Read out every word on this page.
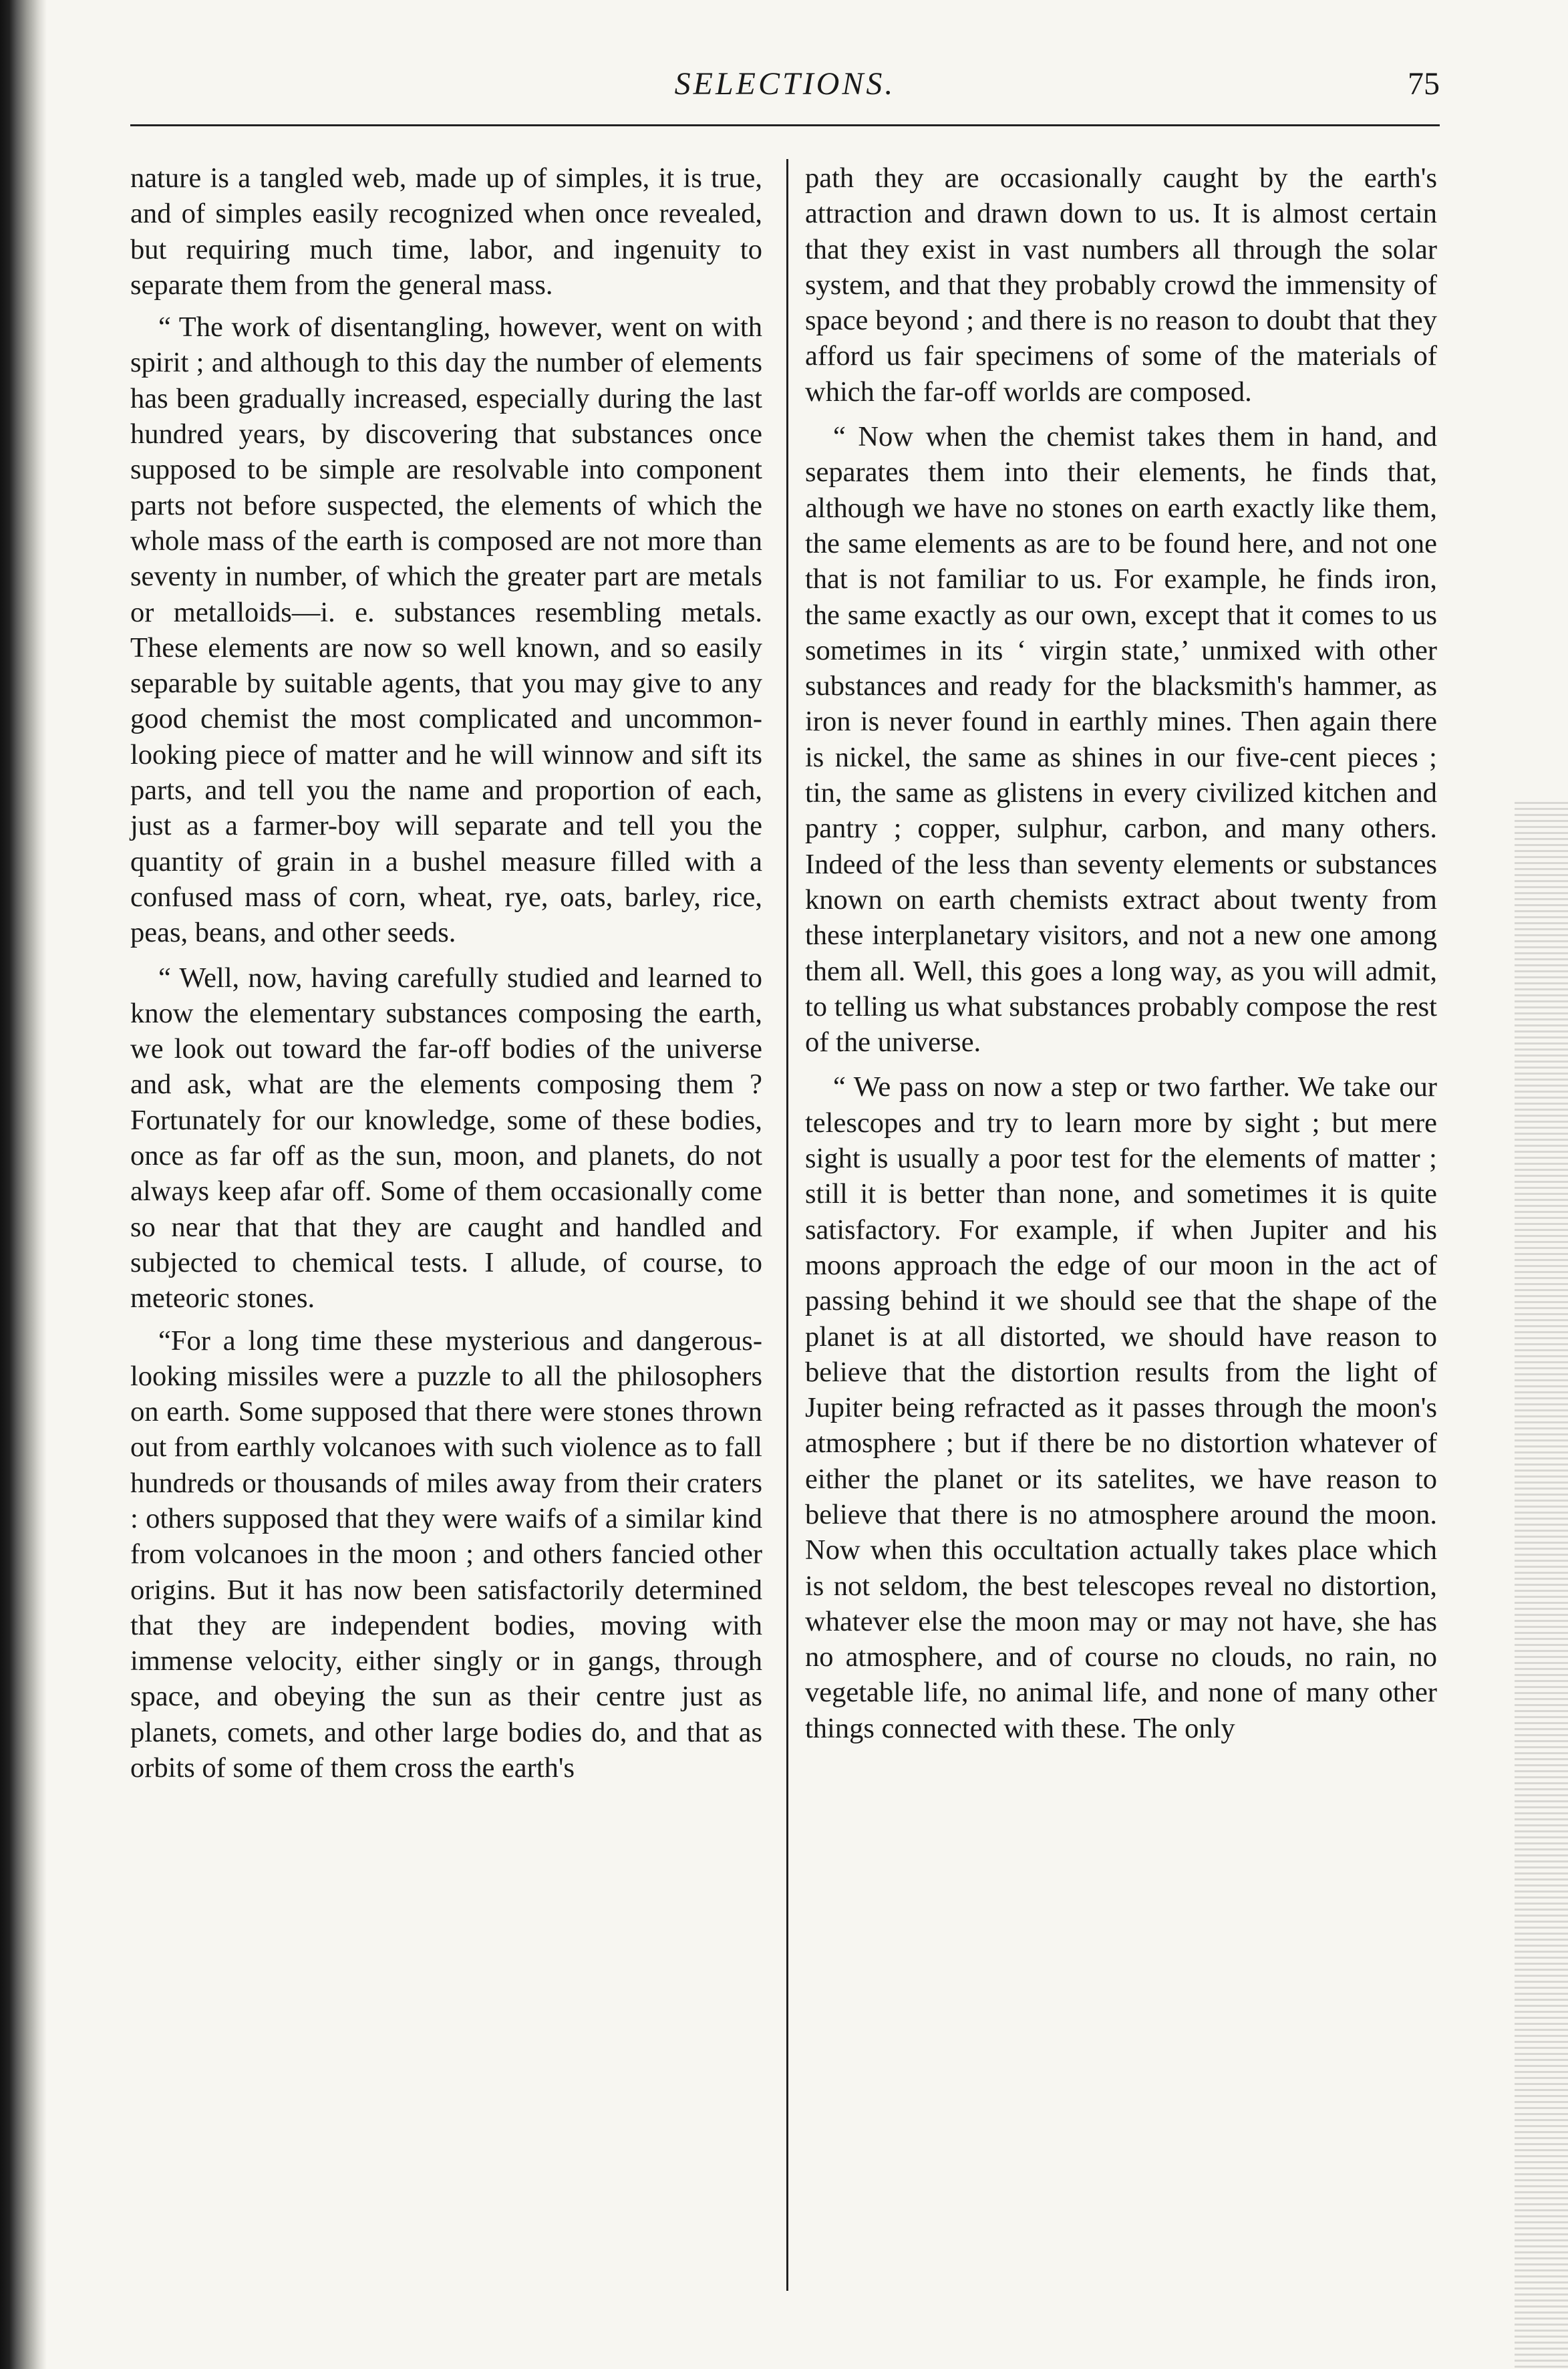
SELECTIONS.	75

nature is a tangled web, made up of simples, it is true, and of simples easily recognized when once revealed, but requiring much time, labor, and ingenuity to separate them from the general mass.

“ The work of disentangling, however, went on with spirit ; and although to this day the number of elements has been gradually increased, especially during the last hundred years, by discovering that substances once supposed to be simple are resolvable into component parts not before suspected, the elements of which the whole mass of the earth is composed are not more than seventy in number, of which the greater part are metals or metalloids—i. e. substances resembling metals. These elements are now so well known, and so easily separable by suitable agents, that you may give to any good chemist the most complicated and uncommon-looking piece of matter and he will winnow and sift its parts, and tell you the name and proportion of each, just as a farmer-boy will separate and tell you the quantity of grain in a bushel measure filled with a confused mass of corn, wheat, rye, oats, barley, rice, peas, beans, and other seeds.

“ Well, now, having carefully studied and learned to know the elementary substances composing the earth, we look out toward the far-off bodies of the universe and ask, what are the elements composing them ? Fortunately for our knowledge, some of these bodies, once as far off as the sun, moon, and planets, do not always keep afar off. Some of them occasionally come so near that that they are caught and handled and subjected to chemical tests. I allude, of course, to meteoric stones.

“For a long time these mysterious and dangerous-looking missiles were a puzzle to all the philosophers on earth. Some supposed that there were stones thrown out from earthly volcanoes with such violence as to fall hundreds or thousands of miles away from their craters : others supposed that they were waifs of a similar kind from volcanoes in the moon ; and others fancied other origins. But it has now been satisfactorily determined that they are independent bodies, moving with immense velocity, either singly or in gangs, through space, and obeying the sun as their centre just as planets, comets, and other large bodies do, and that as orbits of some of them cross the earth's

path they are occasionally caught by the earth's attraction and drawn down to us. It is almost certain that they exist in vast numbers all through the solar system, and that they probably crowd the immensity of space beyond ; and there is no reason to doubt that they afford us fair specimens of some of the materials of which the far-off worlds are composed.

“ Now when the chemist takes them in hand, and separates them into their elements, he finds that, although we have no stones on earth exactly like them, the same elements as are to be found here, and not one that is not familiar to us. For example, he finds iron, the same exactly as our own, except that it comes to us sometimes in its ‘ virgin state,’ unmixed with other substances and ready for the blacksmith's hammer, as iron is never found in earthly mines. Then again there is nickel, the same as shines in our five-cent pieces ; tin, the same as glistens in every civilized kitchen and pantry ; copper, sulphur, carbon, and many others. Indeed of the less than seventy elements or substances known on earth chemists extract about twenty from these interplanetary visitors, and not a new one among them all. Well, this goes a long way, as you will admit, to telling us what substances probably compose the rest of the universe.

“ We pass on now a step or two farther. We take our telescopes and try to learn more by sight ; but mere sight is usually a poor test for the elements of matter ; still it is better than none, and sometimes it is quite satisfactory. For example, if when Jupiter and his moons approach the edge of our moon in the act of passing behind it we should see that the shape of the planet is at all distorted, we should have reason to believe that the distortion results from the light of Jupiter being refracted as it passes through the moon's atmosphere ; but if there be no distortion whatever of either the planet or its satelites, we have reason to believe that there is no atmosphere around the moon. Now when this occultation actually takes place which is not seldom, the best telescopes reveal no distortion, whatever else the moon may or may not have, she has no atmosphere, and of course no clouds, no rain, no vegetable life, no animal life, and none of many other things connected with these. The only
